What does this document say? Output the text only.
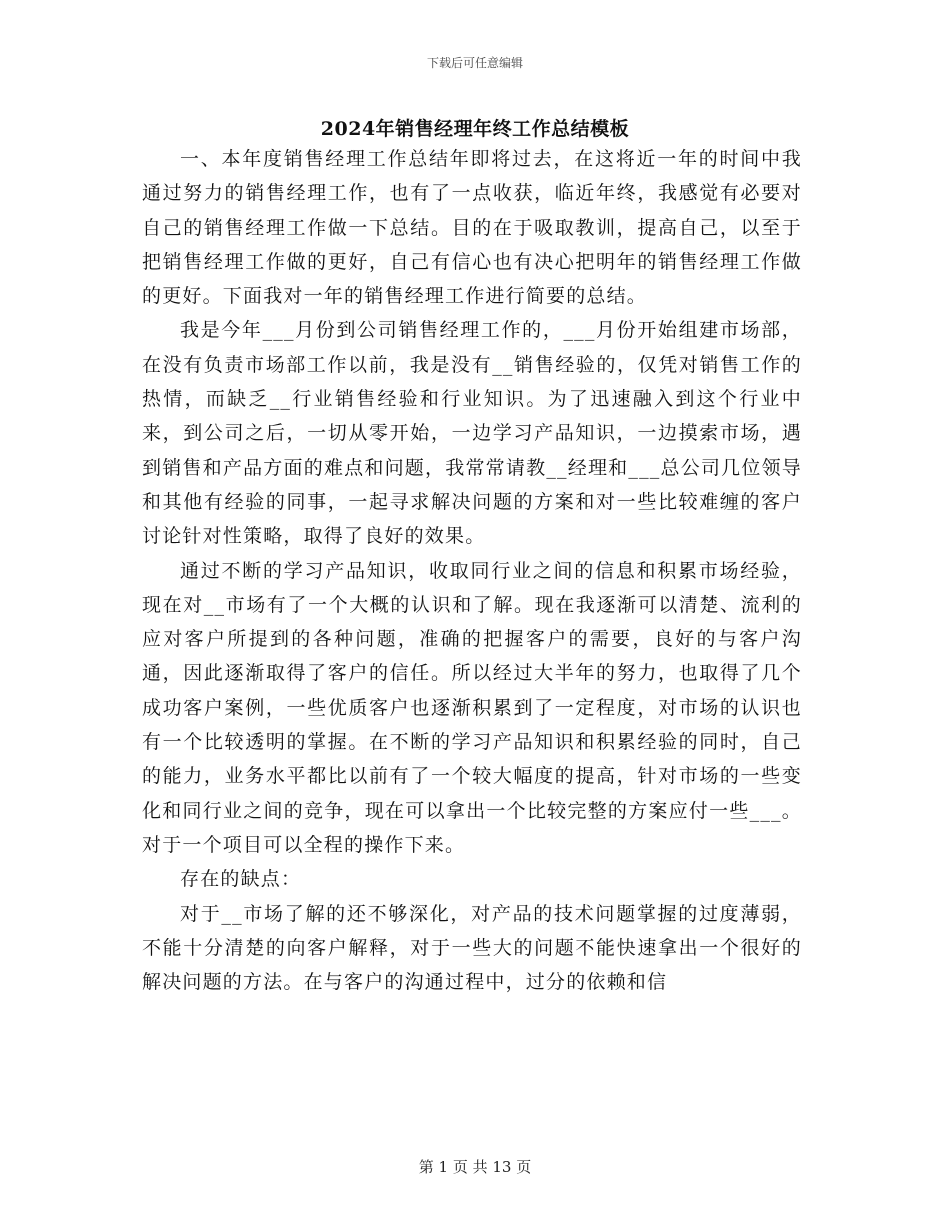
下载后可任意编辑
2024年销售经理年终工作总结模板

一、本年度销售经理工作总结年即将过去，在这将近一年的时间中我通过努力的销售经理工作，也有了一点收获，临近年终，我感觉有必要对自己的销售经理工作做一下总结。目的在于吸取教训，提高自己，以至于把销售经理工作做的更好，自己有信心也有决心把明年的销售经理工作做的更好。下面我对一年的销售经理工作进行简要的总结。

我是今年___月份到公司销售经理工作的，___月份开始组建市场部，在没有负责市场部工作以前，我是没有__销售经验的，仅凭对销售工作的热情，而缺乏__行业销售经验和行业知识。为了迅速融入到这个行业中来，到公司之后，一切从零开始，一边学习产品知识，一边摸索市场，遇到销售和产品方面的难点和问题，我常常请教__经理和___总公司几位领导和其他有经验的同事，一起寻求解决问题的方案和对一些比较难缠的客户讨论针对性策略，取得了良好的效果。

通过不断的学习产品知识，收取同行业之间的信息和积累市场经验，现在对__市场有了一个大概的认识和了解。现在我逐渐可以清楚、流利的应对客户所提到的各种问题，准确的把握客户的需要，良好的与客户沟通，因此逐渐取得了客户的信任。所以经过大半年的努力，也取得了几个成功客户案例，一些优质客户也逐渐积累到了一定程度，对市场的认识也有一个比较透明的掌握。在不断的学习产品知识和积累经验的同时，自己的能力，业务水平都比以前有了一个较大幅度的提高，针对市场的一些变化和同行业之间的竞争，现在可以拿出一个比较完整的方案应付一些___。对于一个项目可以全程的操作下来。

存在的缺点：

对于__市场了解的还不够深化，对产品的技术问题掌握的过度薄弱，不能十分清楚的向客户解释，对于一些大的问题不能快速拿出一个很好的解决问题的方法。在与客户的沟通过程中，过分的依赖和信

第 1 页 共 13 页
